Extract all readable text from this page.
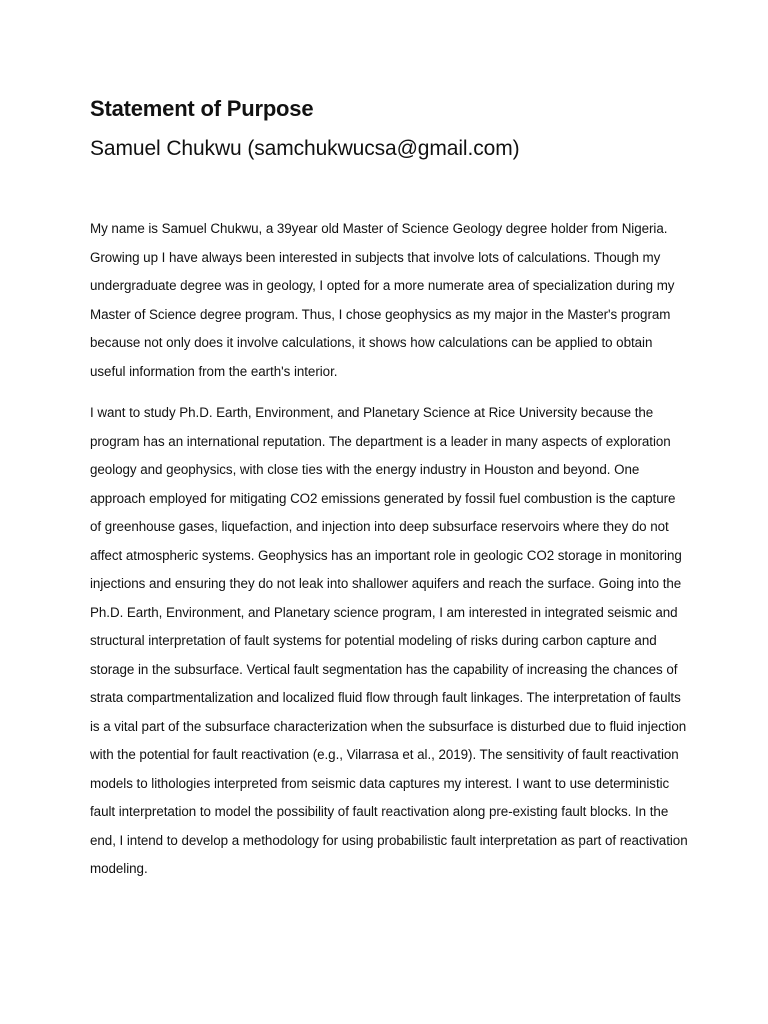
Statement of Purpose
Samuel Chukwu (samchukwucsa@gmail.com)

My name is Samuel Chukwu, a 39year old Master of Science Geology degree holder from Nigeria. Growing up I have always been interested in subjects that involve lots of calculations. Though my undergraduate degree was in geology, I opted for a more numerate area of specialization during my Master of Science degree program. Thus, I chose geophysics as my major in the Master's program because not only does it involve calculations, it shows how calculations can be applied to obtain useful information from the earth's interior.

I want to study Ph.D. Earth, Environment, and Planetary Science at Rice University because the program has an international reputation. The department is a leader in many aspects of exploration geology and geophysics, with close ties with the energy industry in Houston and beyond. One approach employed for mitigating CO2 emissions generated by fossil fuel combustion is the capture of greenhouse gases, liquefaction, and injection into deep subsurface reservoirs where they do not affect atmospheric systems. Geophysics has an important role in geologic CO2 storage in monitoring injections and ensuring they do not leak into shallower aquifers and reach the surface. Going into the Ph.D. Earth, Environment, and Planetary science program, I am interested in integrated seismic and structural interpretation of fault systems for potential modeling of risks during carbon capture and storage in the subsurface. Vertical fault segmentation has the capability of increasing the chances of strata compartmentalization and localized fluid flow through fault linkages. The interpretation of faults is a vital part of the subsurface characterization when the subsurface is disturbed due to fluid injection with the potential for fault reactivation (e.g., Vilarrasa et al., 2019). The sensitivity of fault reactivation models to lithologies interpreted from seismic data captures my interest. I want to use deterministic fault interpretation to model the possibility of fault reactivation along pre-existing fault blocks. In the end, I intend to develop a methodology for using probabilistic fault interpretation as part of reactivation modeling.
